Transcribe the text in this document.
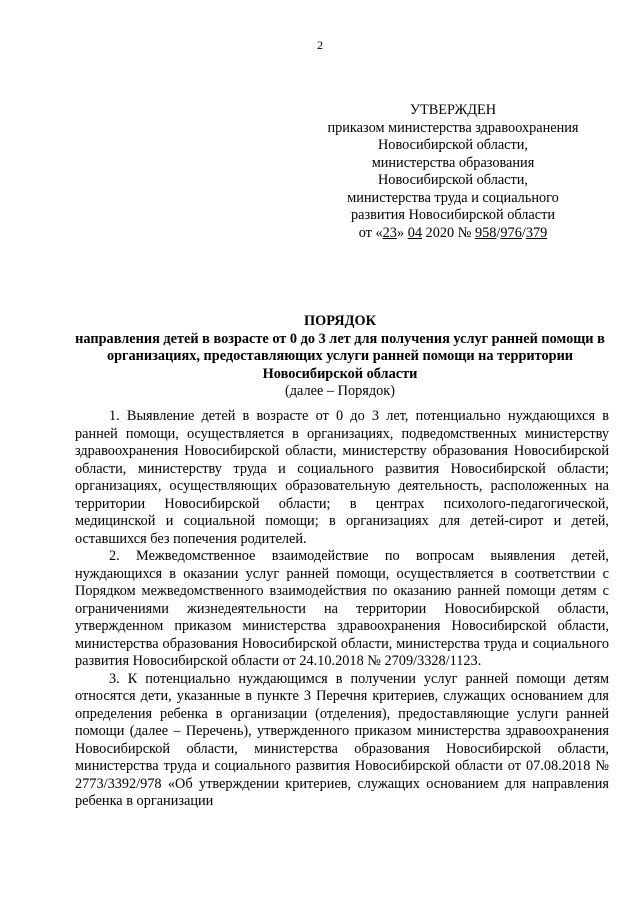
2
УТВЕРЖДЕН
приказом министерства здравоохранения
Новосибирской области,
министерства образования
Новосибирской области,
министерства труда и социального
развития Новосибирской области
от «23» 04 2020 № 958/976/379
ПОРЯДОК
направления детей в возрасте от 0 до 3 лет для получения услуг ранней помощи в организациях, предоставляющих услуги ранней помощи на территории Новосибирской области
(далее – Порядок)

1. Выявление детей в возрасте от 0 до 3 лет, потенциально нуждающихся в ранней помощи, осуществляется в организациях, подведомственных министерству здравоохранения Новосибирской области, министерству образования Новосибирской области, министерству труда и социального развития Новосибирской области; организациях, осуществляющих образовательную деятельность, расположенных на территории Новосибирской области; в центрах психолого-педагогической, медицинской и социальной помощи; в организациях для детей-сирот и детей, оставшихся без попечения родителей.

2. Межведомственное взаимодействие по вопросам выявления детей, нуждающихся в оказании услуг ранней помощи, осуществляется в соответствии с Порядком межведомственного взаимодействия по оказанию ранней помощи детям с ограничениями жизнедеятельности на территории Новосибирской области, утвержденном приказом министерства здравоохранения Новосибирской области, министерства образования Новосибирской области, министерства труда и социального развития Новосибирской области от 24.10.2018 № 2709/3328/1123.

3. К потенциально нуждающимся в получении услуг ранней помощи детям относятся дети, указанные в пункте 3 Перечня критериев, служащих основанием для определения ребенка в организации (отделения), предоставляющие услуги ранней помощи (далее – Перечень), утвержденного приказом министерства здравоохранения Новосибирской области, министерства образования Новосибирской области, министерства труда и социального развития Новосибирской области от 07.08.2018 № 2773/3392/978 «Об утверждении критериев, служащих основанием для направления ребенка в организации
